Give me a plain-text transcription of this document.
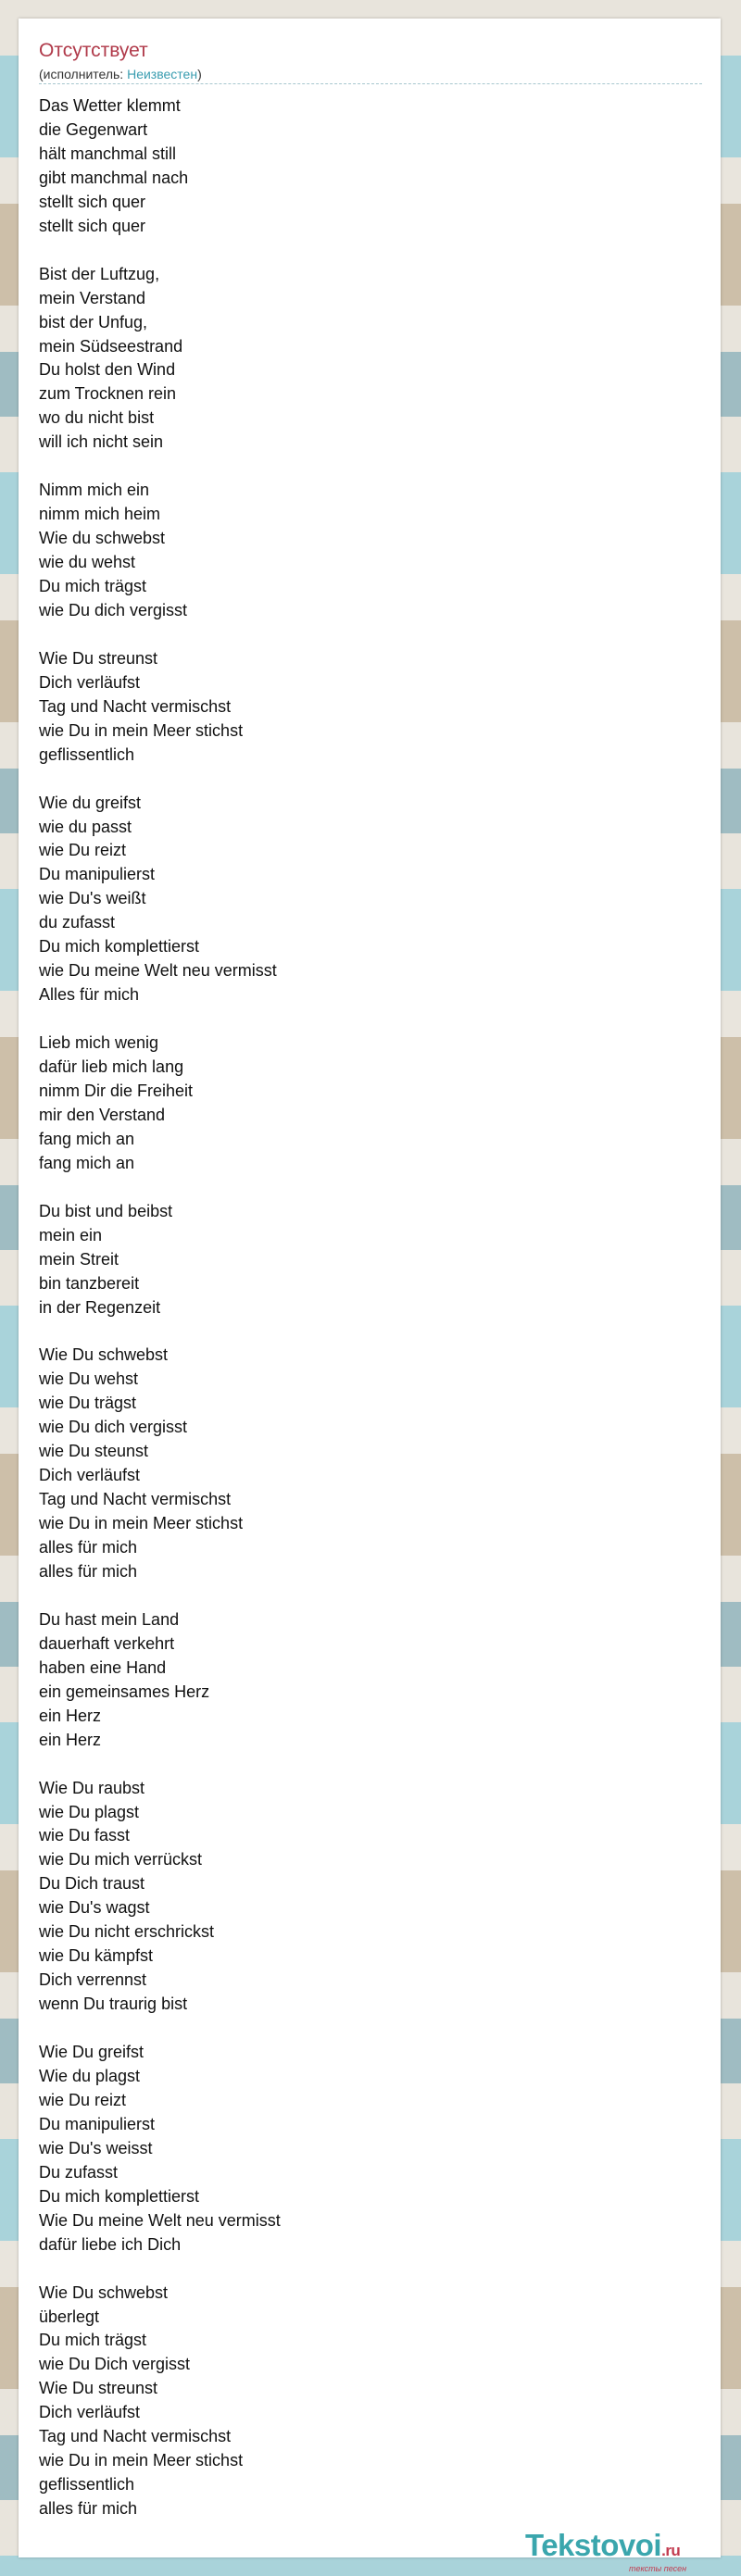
Отсутствует
(исполнитель: Неизвестен)
Das Wetter klemmt
die Gegenwart
hält manchmal still
gibt manchmal nach
stellt sich quer
stellt sich quer
Bist der Luftzug,
mein Verstand
bist der Unfug,
mein Südseestrand
Du holst den Wind
zum Trocknen rein
wo du nicht bist
will ich nicht sein
Nimm mich ein
nimm mich heim
Wie du schwebst
wie du wehst
Du mich trägst
wie Du dich vergisst
Wie Du streunst
Dich verläufst
Tag und Nacht vermischst
wie Du in mein Meer stichst
geflissentlich
Wie du greifst
wie du passt
wie Du reizt
Du manipulierst
wie Du's weißt
du zufasst
Du mich komplettierst
wie Du meine Welt neu vermisst
Alles für mich
Lieb mich wenig
dafür lieb mich lang
nimm Dir die Freiheit
mir den Verstand
fang mich an
fang mich an
Du bist und beibst
mein ein
mein Streit
bin tanzbereit
in der Regenzeit
Wie Du schwebst
wie Du wehst
wie Du trägst
wie Du dich vergisst
wie Du steunst
Dich verläufst
Tag und Nacht vermischst
wie Du in mein Meer stichst
alles für mich
alles für mich
Du hast mein Land
dauerhaft verkehrt
haben eine Hand
ein gemeinsames Herz
ein Herz
ein Herz
Wie Du raubst
wie Du plagst
wie Du fasst
wie Du mich verrückst
Du Dich traust
wie Du's wagst
wie Du nicht erschrickst
wie Du kämpfst
Dich verrennst
wenn Du traurig bist
Wie Du greifst
Wie du plagst
wie Du reizt
Du manipulierst
wie Du's weisst
Du zufasst
Du mich komplettierst
Wie Du meine Welt neu vermisst
dafür liebe ich Dich
Wie Du schwebst
überlegt
Du mich trägst
wie Du Dich vergisst
Wie Du streunst
Dich verläufst
Tag und Nacht vermischst
wie Du in mein Meer stichst
geflissentlich
alles für mich
Tekstovoi.ru
тексты песен
